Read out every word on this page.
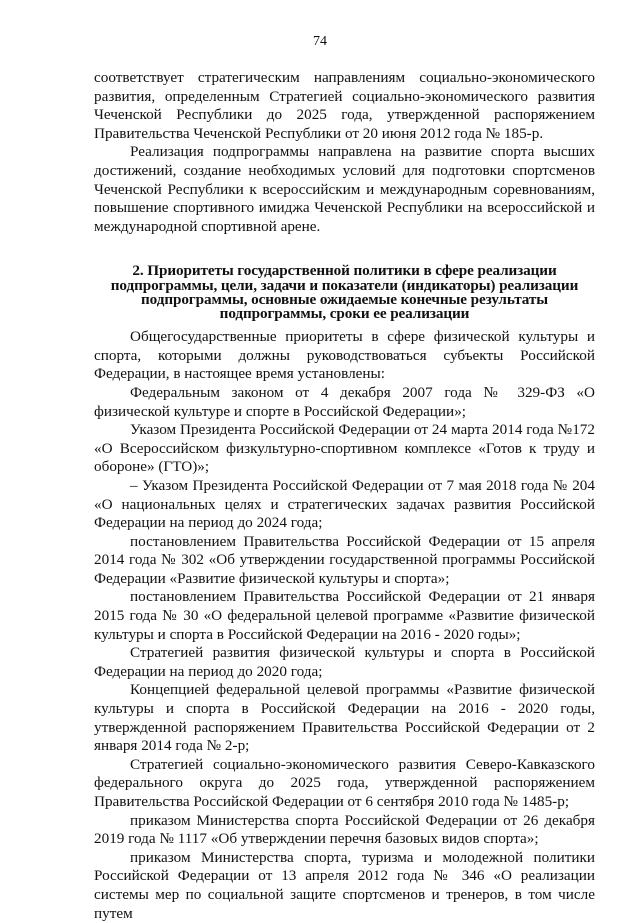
74

соответствует стратегическим направлениям социально-экономического развития, определенным Стратегией социально-экономического развития Чеченской Республики до 2025 года, утвержденной распоряжением Правительства Чеченской Республики от 20 июня 2012 года № 185-р.

Реализация подпрограммы направлена на развитие спорта высших достижений, создание необходимых условий для подготовки спортсменов Чеченской Республики к всероссийским и международным соревнованиям, повышение спортивного имиджа Чеченской Республики на всероссийской и международной спортивной арене.

2. Приоритеты государственной политики в сфере реализации
подпрограммы, цели, задачи и показатели (индикаторы) реализации
подпрограммы, основные ожидаемые конечные результаты
подпрограммы, сроки ее реализации

Общегосударственные приоритеты в сфере физической культуры и спорта, которыми должны руководствоваться субъекты Российской Федерации, в настоящее время установлены:

Федеральным законом от 4 декабря 2007 года № 329-ФЗ «О физической культуре и спорте в Российской Федерации»;

Указом Президента Российской Федерации от 24 марта 2014 года №172 «О Всероссийском физкультурно-спортивном комплексе «Готов к труду и обороне» (ГТО)»;

– Указом Президента Российской Федерации от 7 мая 2018 года № 204 «О национальных целях и стратегических задачах развития Российской Федерации на период до 2024 года;

постановлением Правительства Российской Федерации от 15 апреля 2014 года № 302 «Об утверждении государственной программы Российской Федерации «Развитие физической культуры и спорта»;

постановлением Правительства Российской Федерации от 21 января 2015 года № 30 «О федеральной целевой программе «Развитие физической культуры и спорта в Российской Федерации на 2016 - 2020 годы»;

Стратегией развития физической культуры и спорта в Российской Федерации на период до 2020 года;

Концепцией федеральной целевой программы «Развитие физической культуры и спорта в Российской Федерации на 2016 - 2020 годы, утвержденной распоряжением Правительства Российской Федерации от 2 января 2014 года № 2-р;

Стратегией социально-экономического развития Северо-Кавказского федерального округа до 2025 года, утвержденной распоряжением Правительства Российской Федерации от 6 сентября 2010 года № 1485-р;

приказом Министерства спорта Российской Федерации от 26 декабря 2019 года № 1117 «Об утверждении перечня базовых видов спорта»;

приказом Министерства спорта, туризма и молодежной политики Российской Федерации от 13 апреля 2012 года № 346 «О реализации системы мер по социальной защите спортсменов и тренеров, в том числе путем
